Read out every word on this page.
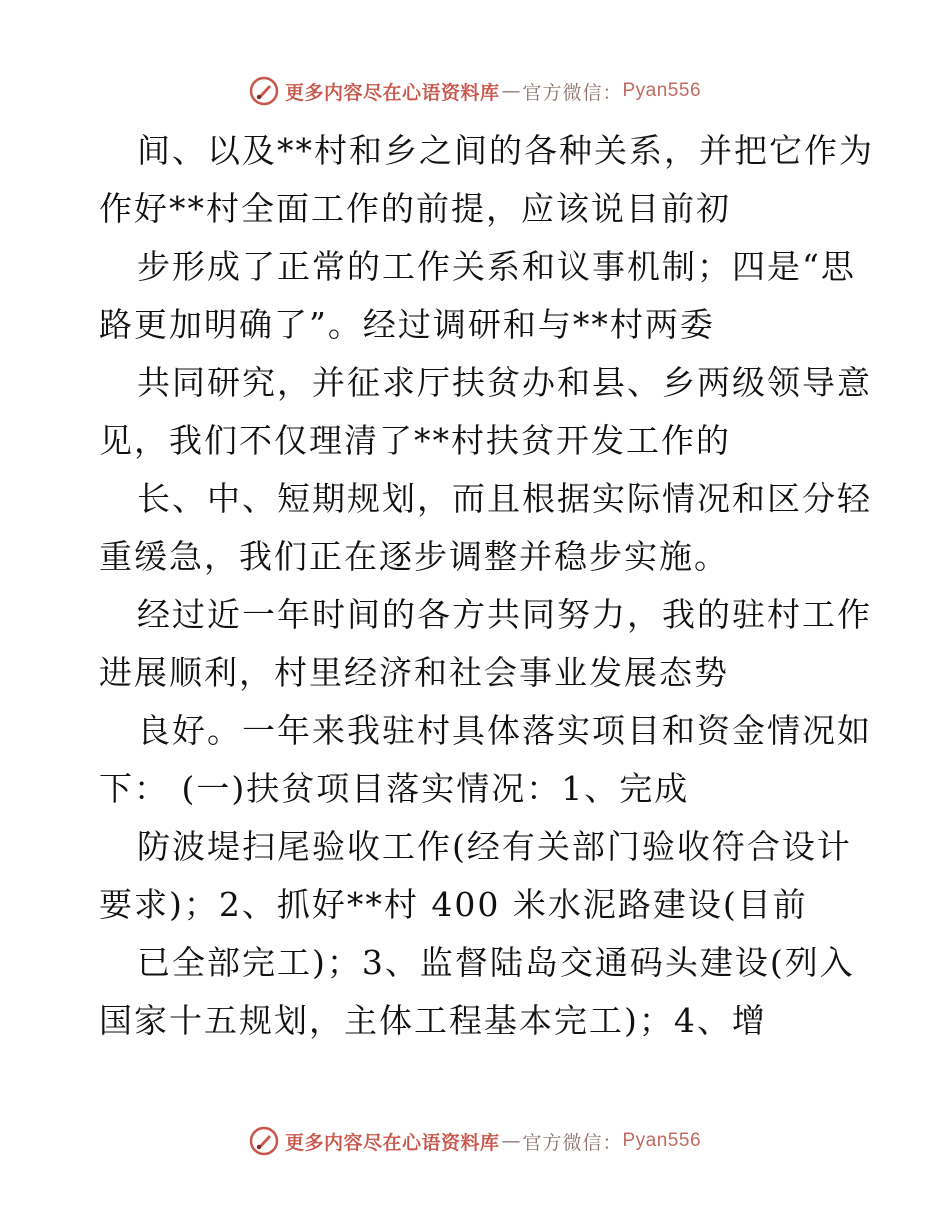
更多内容尽在心语资料库 — 官方微信： Pyan556
间、以及**村和乡之间的各种关系，并把它作为
作好**村全面工作的前提，应该说目前初
步形成了正常的工作关系和议事机制；四是“思
路更加明确了”。经过调研和与**村两委
共同研究，并征求厅扶贫办和县、乡两级领导意
见，我们不仅理清了**村扶贫开发工作的
长、中、短期规划，而且根据实际情况和区分轻
重缓急，我们正在逐步调整并稳步实施。
经过近一年时间的各方共同努力，我的驻村工作
进展顺利，村里经济和社会事业发展态势
良好。一年来我驻村具体落实项目和资金情况如
下： (一)扶贫项目落实情况：1、完成
防波堤扫尾验收工作(经有关部门验收符合设计
要求)；2、抓好**村 400 米水泥路建设(目前
已全部完工)；3、监督陆岛交通码头建设(列入
国家十五规划，主体工程基本完工)；4、增
更多内容尽在心语资料库 — 官方微信： Pyan556
